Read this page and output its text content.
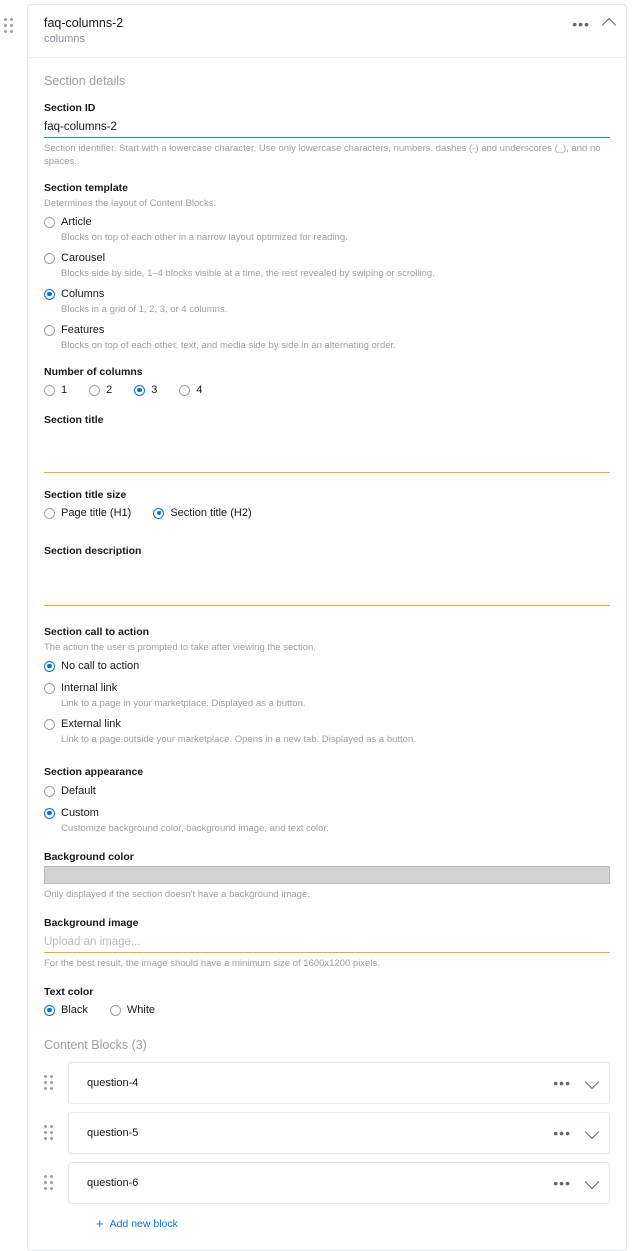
faq-columns-2
columns
•••
Section details
Section ID
faq-columns-2
Section identifier. Start with a lowercase character. Use only lowercase characters, numbers, dashes (-) and underscores (_), and no spaces.
Section template
Determines the layout of Content Blocks.
Article
Blocks on top of each other in a narrow layout optimized for reading.
Carousel
Blocks side by side, 1–4 blocks visible at a time, the rest revealed by swiping or scrolling.
Columns
Blocks in a grid of 1, 2, 3, or 4 columns.
Features
Blocks on top of each other, text, and media side by side in an alternating order.
Number of columns
1	2	3	4
Section title
Section title size
Page title (H1)	Section title (H2)
Section description
Section call to action
The action the user is prompted to take after viewing the section.
No call to action
Internal link
Link to a page in your marketplace. Displayed as a button.
External link
Link to a page outside your marketplace. Opens in a new tab. Displayed as a button.
Section appearance
Default
Custom
Customize background color, background image, and text color.
Background color
Only displayed if the section doesn't have a background image.
Background image
Upload an image...
For the best result, the image should have a minimum size of 1600x1200 pixels.
Text color
Black	White
Content Blocks (3)
question-4	•••
question-5	•••
question-6	•••
+ Add new block
